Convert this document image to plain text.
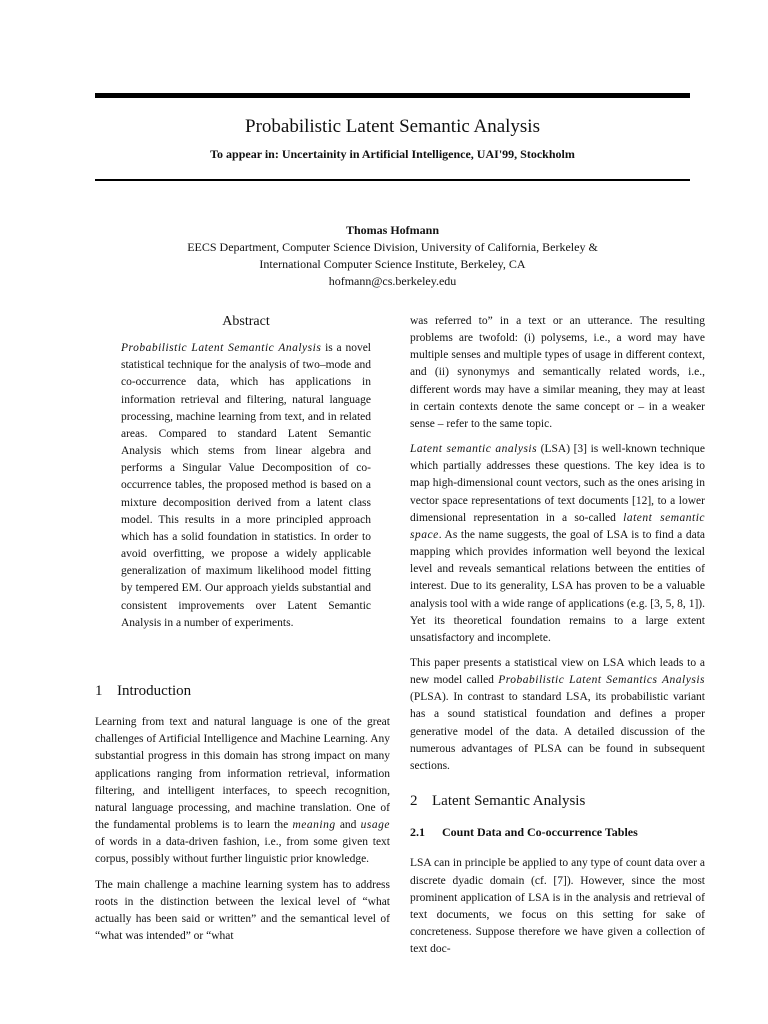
Probabilistic Latent Semantic Analysis
To appear in: Uncertainity in Artificial Intelligence, UAI'99, Stockholm
Thomas Hofmann
EECS Department, Computer Science Division, University of California, Berkeley &
International Computer Science Institute, Berkeley, CA
hofmann@cs.berkeley.edu
Abstract

Probabilistic Latent Semantic Analysis is a novel statistical technique for the analysis of two–mode and co-occurrence data, which has applications in information retrieval and filtering, natural language processing, machine learning from text, and in related areas. Compared to standard Latent Semantic Analysis which stems from linear algebra and performs a Singular Value Decomposition of co-occurrence tables, the proposed method is based on a mixture decomposition derived from a latent class model. This results in a more principled approach which has a solid foundation in statistics. In order to avoid overfitting, we propose a widely applicable generalization of maximum likelihood model fitting by tempered EM. Our approach yields substantial and consistent improvements over Latent Semantic Analysis in a number of experiments.

1 Introduction

Learning from text and natural language is one of the great challenges of Artificial Intelligence and Machine Learning. Any substantial progress in this domain has strong impact on many applications ranging from information retrieval, information filtering, and intelligent interfaces, to speech recognition, natural language processing, and machine translation. One of the fundamental problems is to learn the meaning and usage of words in a data-driven fashion, i.e., from some given text corpus, possibly without further linguistic prior knowledge.

The main challenge a machine learning system has to address roots in the distinction between the lexical level of “what actually has been said or written” and the semantical level of “what was intended” or “what

was referred to” in a text or an utterance. The resulting problems are twofold: (i) polysems, i.e., a word may have multiple senses and multiple types of usage in different context, and (ii) synonymys and semantically related words, i.e., different words may have a similar meaning, they may at least in certain contexts denote the same concept or – in a weaker sense – refer to the same topic.

Latent semantic analysis (LSA) [3] is well-known technique which partially addresses these questions. The key idea is to map high-dimensional count vectors, such as the ones arising in vector space representations of text documents [12], to a lower dimensional representation in a so-called latent semantic space. As the name suggests, the goal of LSA is to find a data mapping which provides information well beyond the lexical level and reveals semantical relations between the entities of interest. Due to its generality, LSA has proven to be a valuable analysis tool with a wide range of applications (e.g. [3, 5, 8, 1]). Yet its theoretical foundation remains to a large extent unsatisfactory and incomplete.

This paper presents a statistical view on LSA which leads to a new model called Probabilistic Latent Semantics Analysis (PLSA). In contrast to standard LSA, its probabilistic variant has a sound statistical foundation and defines a proper generative model of the data. A detailed discussion of the numerous advantages of PLSA can be found in subsequent sections.

2 Latent Semantic Analysis
2.1 Count Data and Co-occurrence Tables

LSA can in principle be applied to any type of count data over a discrete dyadic domain (cf. [7]). However, since the most prominent application of LSA is in the analysis and retrieval of text documents, we focus on this setting for sake of concreteness. Suppose therefore we have given a collection of text doc-
